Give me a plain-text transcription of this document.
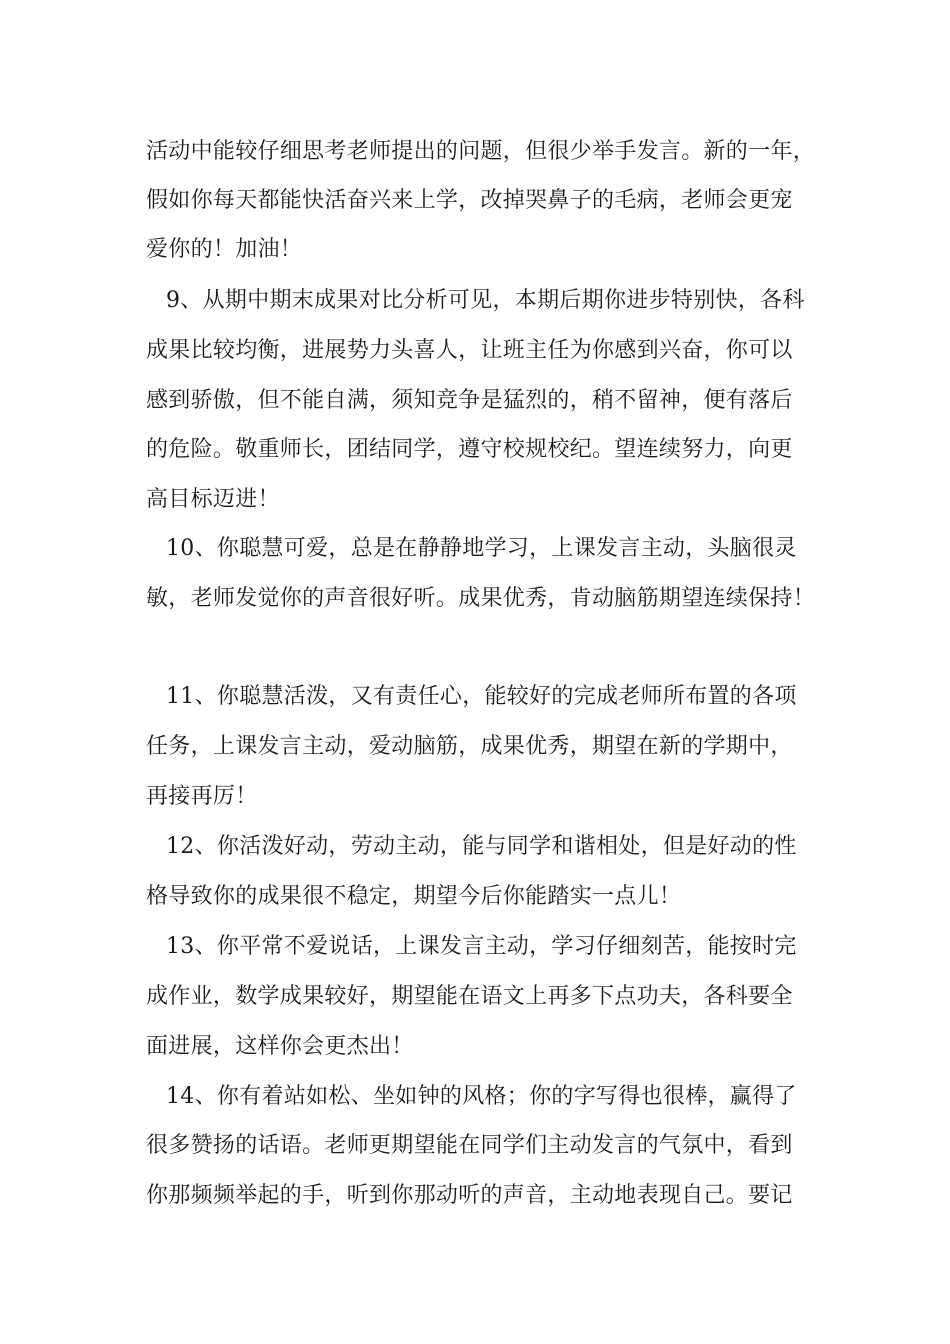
活动中能较仔细思考老师提出的问题，但很少举手发言。新的一年，
假如你每天都能快活奋兴来上学，改掉哭鼻子的毛病，老师会更宠
爱你的！加油！
9、从期中期末成果对比分析可见，本期后期你进步特别快，各科
成果比较均衡，进展势力头喜人，让班主任为你感到兴奋，你可以
感到骄傲，但不能自满，须知竞争是猛烈的，稍不留神，便有落后
的危险。敬重师长，团结同学，遵守校规校纪。望连续努力，向更
高目标迈进！
10、你聪慧可爱，总是在静静地学习，上课发言主动，头脑很灵
敏，老师发觉你的声音很好听。成果优秀，肯动脑筋期望连续保持！
11、你聪慧活泼，又有责任心，能较好的完成老师所布置的各项
任务，上课发言主动，爱动脑筋，成果优秀，期望在新的学期中，
再接再厉！
12、你活泼好动，劳动主动，能与同学和谐相处，但是好动的性
格导致你的成果很不稳定，期望今后你能踏实一点儿！
13、你平常不爱说话，上课发言主动，学习仔细刻苦，能按时完
成作业，数学成果较好，期望能在语文上再多下点功夫，各科要全
面进展，这样你会更杰出！
14、你有着站如松、坐如钟的风格；你的字写得也很棒，赢得了
很多赞扬的话语。老师更期望能在同学们主动发言的气氛中，看到
你那频频举起的手，听到你那动听的声音，主动地表现自己。要记
